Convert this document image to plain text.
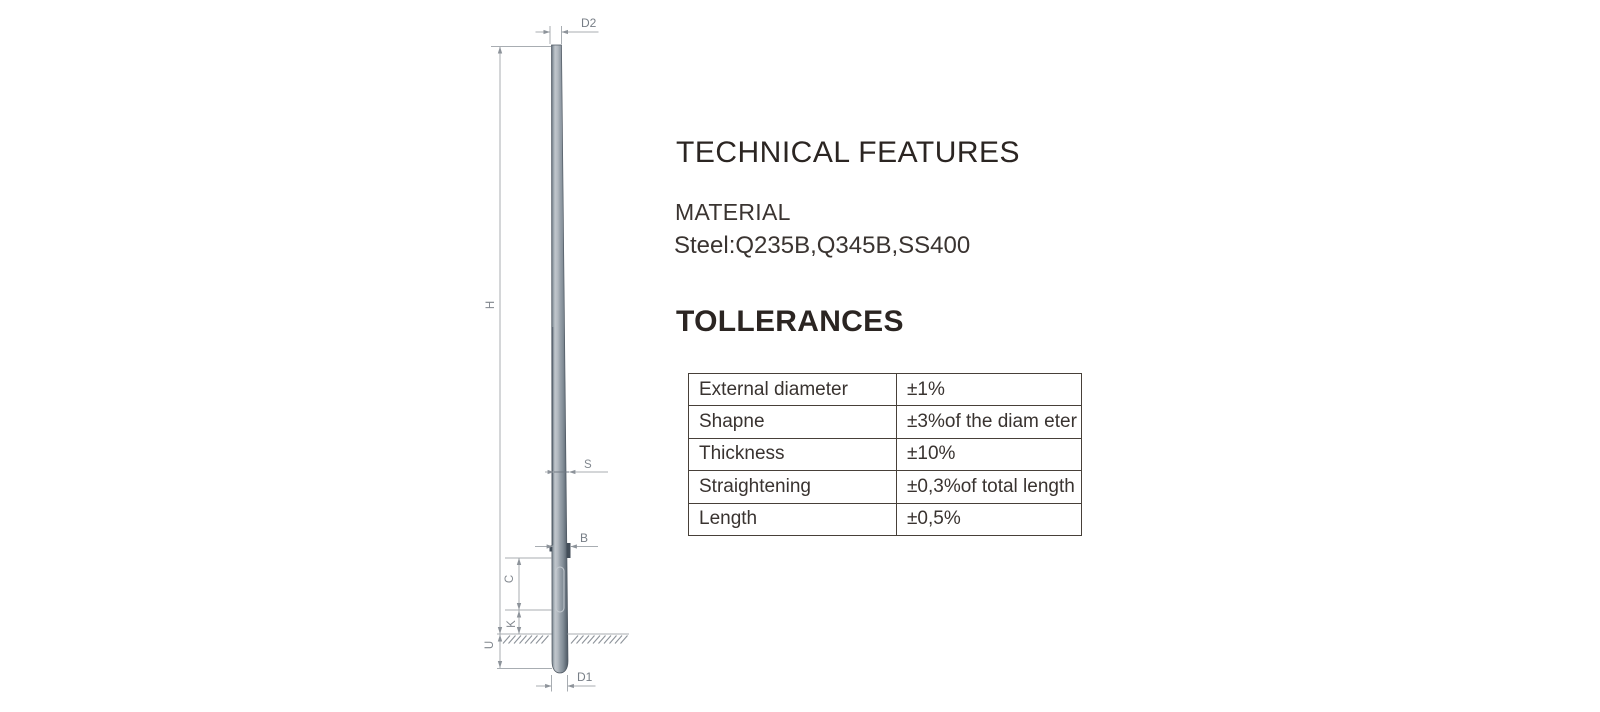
D2
H
S
B
C
K
U
D1
TECHNICAL FEATURES
MATERIAL
Steel:Q235B,Q345B,SS400
TOLLERANCES
External diameter	±1%
Shapne	±3%of the diam eter
Thickness	±10%
Straightening	±0,3%of total length
Length	±0,5%
